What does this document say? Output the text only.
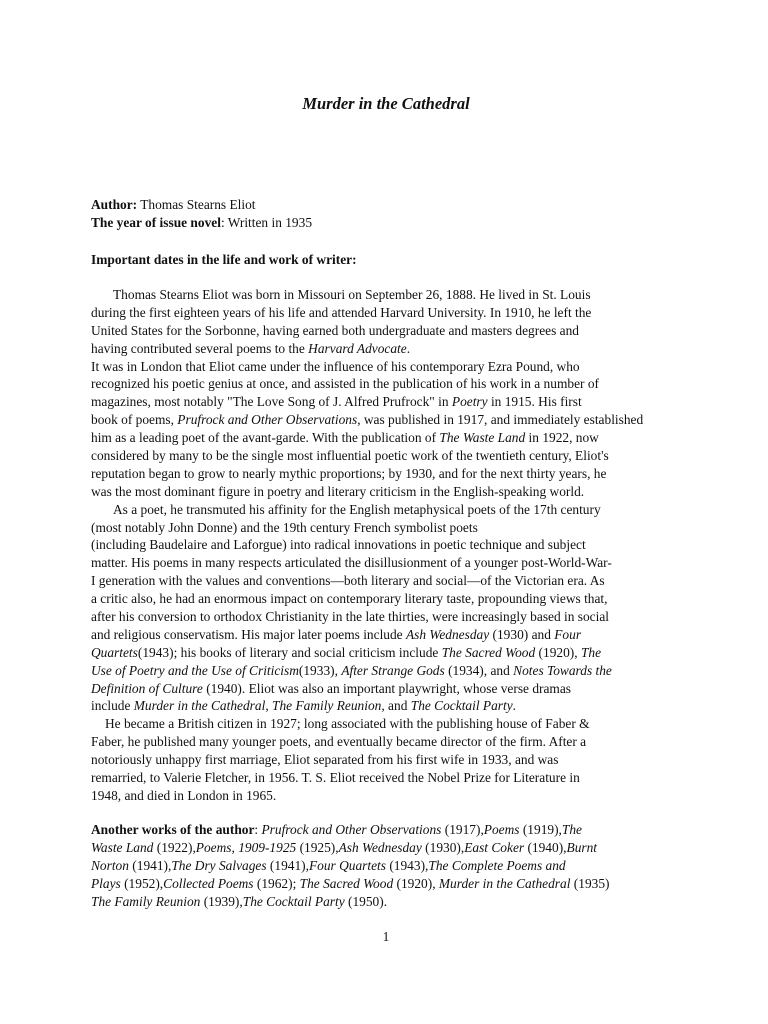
Murder in the Cathedral
Author: Thomas Stearns Eliot
The year of issue novel: Written in 1935
Important dates in the life and work of writer:
Thomas Stearns Eliot was born in Missouri on September 26, 1888. He lived in St. Louis
during the first eighteen years of his life and attended Harvard University. In 1910, he left the
United States for the Sorbonne, having earned both undergraduate and masters degrees and
having contributed several poems to the Harvard Advocate.
It was in London that Eliot came under the influence of his contemporary Ezra Pound, who
recognized his poetic genius at once, and assisted in the publication of his work in a number of
magazines, most notably "The Love Song of J. Alfred Prufrock" in Poetry in 1915. His first
book of poems, Prufrock and Other Observations, was published in 1917, and immediately established
him as a leading poet of the avant-garde. With the publication of The Waste Land in 1922, now
considered by many to be the single most influential poetic work of the twentieth century, Eliot's
reputation began to grow to nearly mythic proportions; by 1930, and for the next thirty years, he
was the most dominant figure in poetry and literary criticism in the English-speaking world.
As a poet, he transmuted his affinity for the English metaphysical poets of the 17th century
(most notably John Donne) and the 19th century French symbolist poets
(including Baudelaire and Laforgue) into radical innovations in poetic technique and subject
matter. His poems in many respects articulated the disillusionment of a younger post-World-War-
I generation with the values and conventions—both literary and social—of the Victorian era. As
a critic also, he had an enormous impact on contemporary literary taste, propounding views that,
after his conversion to orthodox Christianity in the late thirties, were increasingly based in social
and religious conservatism. His major later poems include Ash Wednesday (1930) and Four
Quartets(1943); his books of literary and social criticism include The Sacred Wood (1920), The
Use of Poetry and the Use of Criticism(1933), After Strange Gods (1934), and Notes Towards the
Definition of Culture (1940). Eliot was also an important playwright, whose verse dramas
include Murder in the Cathedral, The Family Reunion, and The Cocktail Party.
He became a British citizen in 1927; long associated with the publishing house of Faber &
Faber, he published many younger poets, and eventually became director of the firm. After a
notoriously unhappy first marriage, Eliot separated from his first wife in 1933, and was
remarried, to Valerie Fletcher, in 1956. T. S. Eliot received the Nobel Prize for Literature in
1948, and died in London in 1965.
Another works of the author: Prufrock and Other Observations (1917),Poems (1919),The
Waste Land (1922),Poems, 1909-1925 (1925),Ash Wednesday (1930),East Coker (1940),Burnt
Norton (1941),The Dry Salvages (1941),Four Quartets (1943),The Complete Poems and
Plays (1952),Collected Poems (1962); The Sacred Wood (1920), Murder in the Cathedral (1935)
The Family Reunion (1939),The Cocktail Party (1950).
1
